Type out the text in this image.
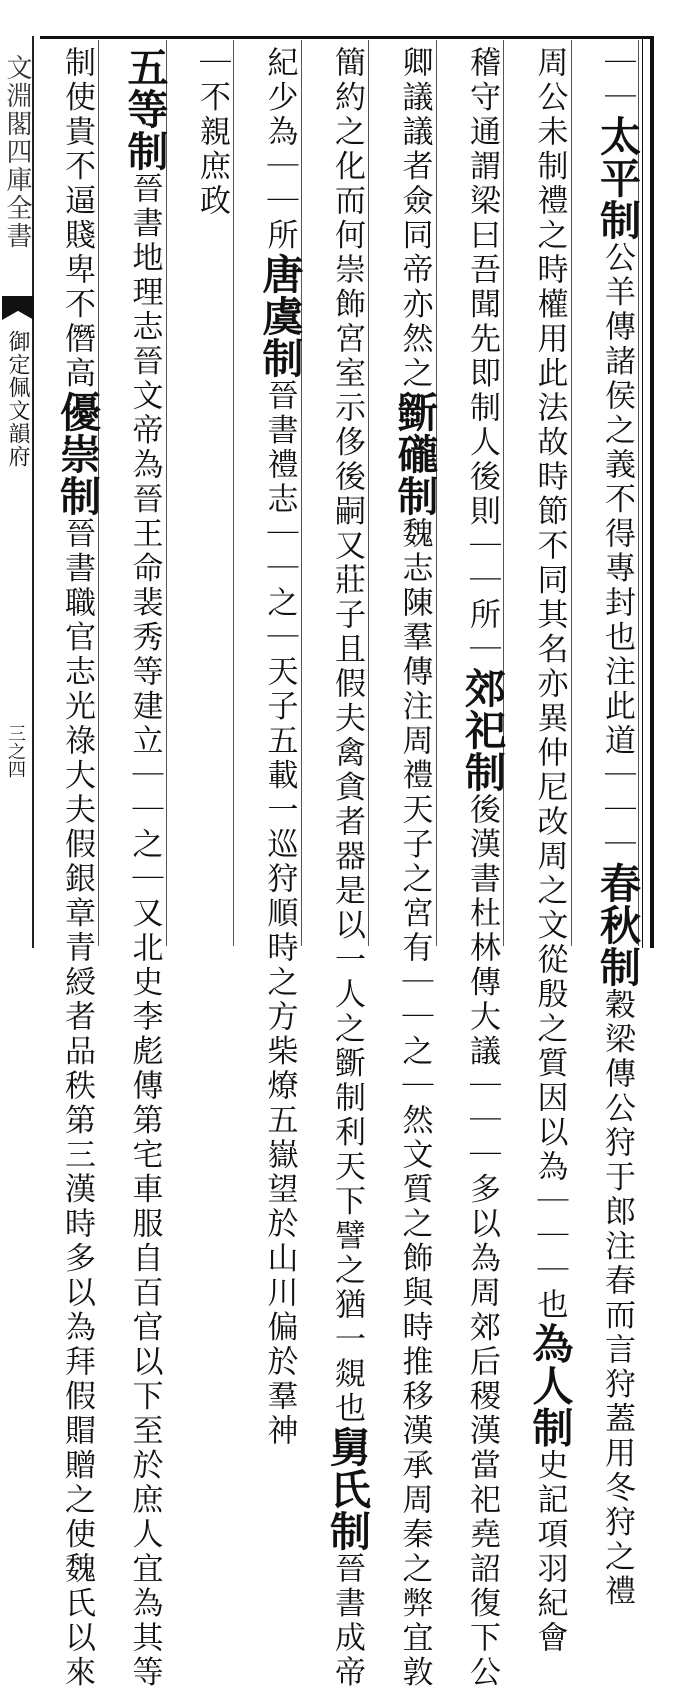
文淵閣四庫全書
御定佩文韻府
三之四
｜｜太平制公羊傳諸侯之義不得專封也注此道｜｜｜春秋制穀梁傳公狩于郎注春而言狩蓋用冬狩之禮
周公未制禮之時權用此法故時節不同其名亦異仲尼改周之文從殷之質因以為｜｜｜也為人制史記項羽紀會
稽守通謂梁曰吾聞先即制人後則｜｜所｜郊祀制後漢書杜林傳大議｜｜｜多以為周郊后稷漢當祀堯詔復下公
卿議議者僉同帝亦然之斵礲制魏志陳羣傳注周禮天子之宮有｜｜之｜然文質之飾與時推移漢承周秦之弊宜敦
簡約之化而何崇飾宮室示侈後嗣又莊子且假夫禽貪者器是以一人之斵制利天下譬之猶一覢也舅氏制晉書成帝
紀少為｜｜所唐虞制晉書禮志｜｜之｜天子五載一巡狩順時之方柴燎五嶽望於山川偏於羣神
｜不親庶政
五等制晉書地理志晉文帝為晉王命裴秀等建立｜｜之｜又北史李彪傳第宅車服自百官以下至於庶人宜為其等
制使貴不逼賤卑不僭高優崇制晉書職官志光祿大夫假銀章青綬者品秩第三漢時多以為拜假賵贈之使魏氏以來
